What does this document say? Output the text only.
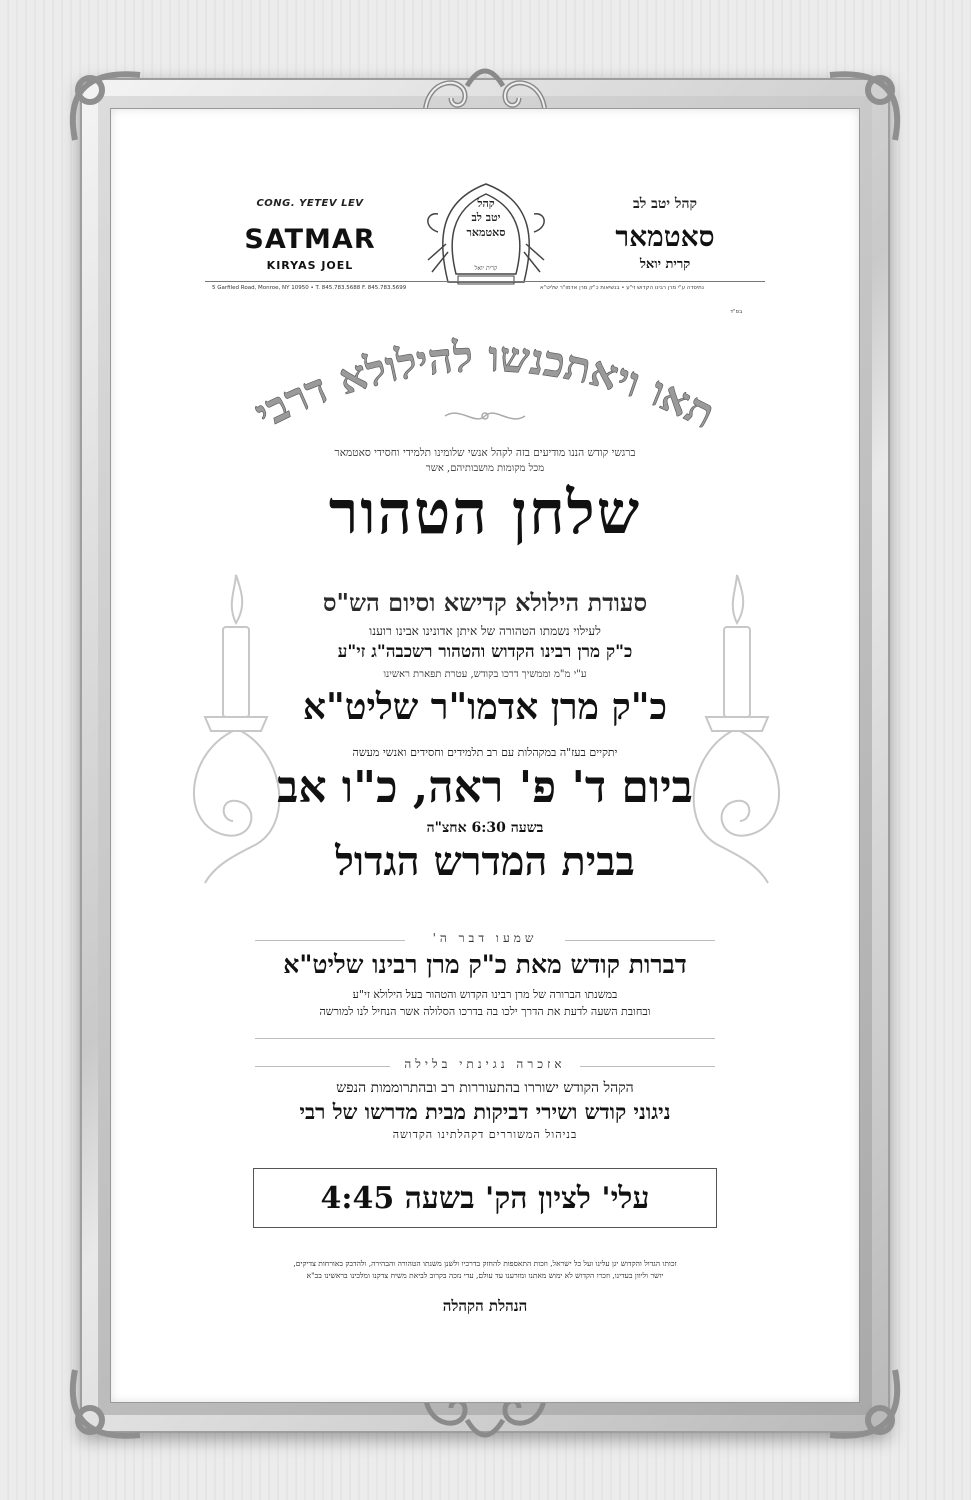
CONG. YETEV LEV
SATMAR
KIRYAS JOEL
קהל יטב לב
סאטמאר
קרית יואל
קהל
יטב לב
סאטמאר
קרית יואל
5 Garfiled Road, Monroe, NY 10950 • T. 845.783.5688 F. 845.783.5699	נתיסדה ע"י מרן רבינו הקדוש זי"ע • בנשיאות כ"ק מרן אדמו"ר שליט"א
בס"ד
תאו ויאתכנשו להילולא דרבי
ברגשי קודש הננו מודיעים בזה לקהל אנשי שלומינו תלמידי וחסידי סאטמאר
מכל מקומות מושבותיהם, אשר
שלחן הטהור
סעודת הילולא קדישא וסיום הש"ס
לעילוי נשמתו הטהורה של איתן אדונינו אבינו רוענו
כ"ק מרן רבינו הקדוש והטהור רשכבה"ג זי"ע
ע"י מ"מ וממשיך דרכו בקודש, עטרת תפארת ראשינו
כ"ק מרן אדמו"ר שליט"א
יתקיים בעז"ה במקהלות עם רב תלמידים וחסידים ואנשי מעשה
ביום ד' פ' ראה, כ"ו אב
בשעה 6:30 אחצ"ה
בבית המדרש הגדול
שמעו דבר ה'
דברות קודש מאת כ"ק מרן רבינו שליט"א
במשנתו הברורה של מרן רבינו הקדוש והטהור בעל הילולא זי"ע
ובחובת השעה לדעת את הדרך ילכו בה בדרכו הסלולה אשר הנחיל לנו למורשה
אזכרה נגינתי בלילה
הקהל הקודש ישוררו בהתעוררות רב ובהתרוממות הנפש
ניגוני קודש ושירי דביקות מבית מדרשו של רבי
בניהול המשוררים דקהלתינו הקדושה
עלי' לציון הק' בשעה 4:45
זכותו הגדול והקדוש יגן עלינו ועל כל ישראל, וזכות התאספות להחזק בדרכיו ולשנן משנתו הטהורה והבהירה, ולהדבק באורחות צדיקים,
יושר וליוון בעדינו, וזכרו הקדוש לא ימוש מאתנו ומזרענו עד עולם, עדי נזכה בקרוב לביאת משיח צדקנו ומלכינו בראשינו בב"א
הנהלת הקהלה
